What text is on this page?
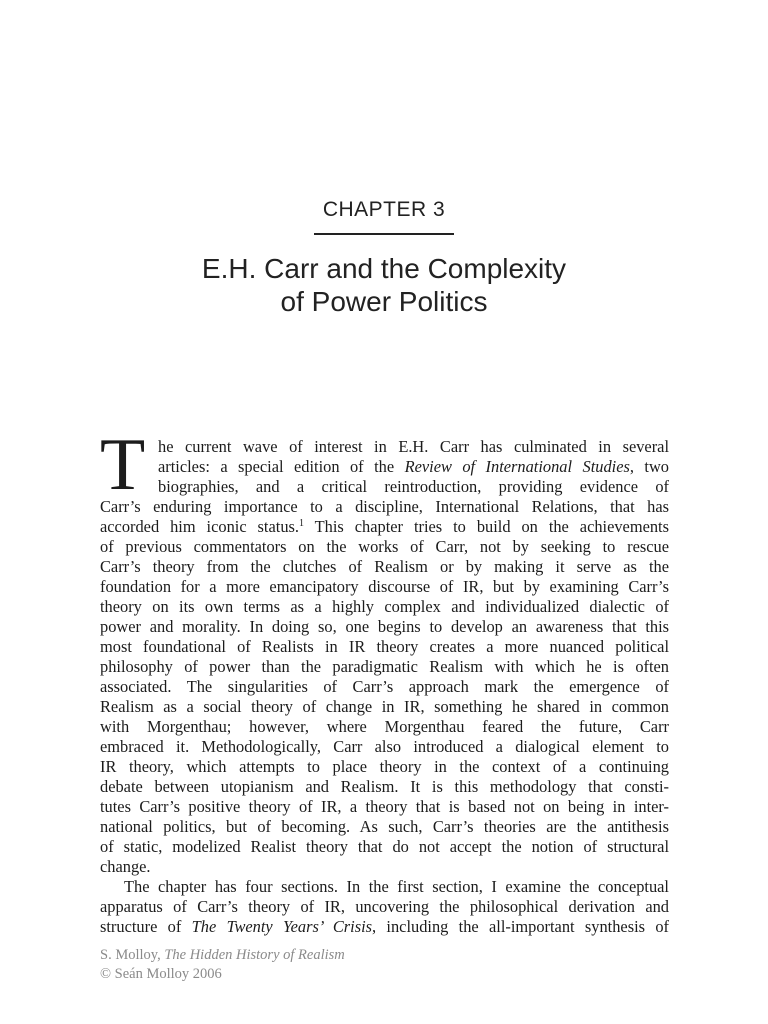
CHAPTER 3
E.H. Carr and the Complexity
of Power Politics
T he current wave of interest in E.H. Carr has culminated in several
articles: a special edition of the Review of International Studies, two
biographies, and a critical reintroduction, providing evidence of
Carr’s enduring importance to a discipline, International Relations, that has
accorded him iconic status.$^1$ This chapter tries to build on the achievements
of previous commentators on the works of Carr, not by seeking to rescue
Carr’s theory from the clutches of Realism or by making it serve as the
foundation for a more emancipatory discourse of IR, but by examining Carr’s
theory on its own terms as a highly complex and individualized dialectic of
power and morality. In doing so, one begins to develop an awareness that this
most foundational of Realists in IR theory creates a more nuanced political
philosophy of power than the paradigmatic Realism with which he is often
associated. The singularities of Carr’s approach mark the emergence of
Realism as a social theory of change in IR, something he shared in common
with Morgenthau; however, where Morgenthau feared the future, Carr
embraced it. Methodologically, Carr also introduced a dialogical element to
IR theory, which attempts to place theory in the context of a continuing
debate between utopianism and Realism. It is this methodology that consti-
tutes Carr’s positive theory of IR, a theory that is based not on being in inter-
national politics, but of becoming. As such, Carr’s theories are the antithesis
of static, modelized Realist theory that do not accept the notion of structural
change.
The chapter has four sections. In the first section, I examine the conceptual
apparatus of Carr’s theory of IR, uncovering the philosophical derivation and
structure of The Twenty Years’ Crisis, including the all-important synthesis of
S. Molloy, The Hidden History of Realism
© Seán Molloy 2006
